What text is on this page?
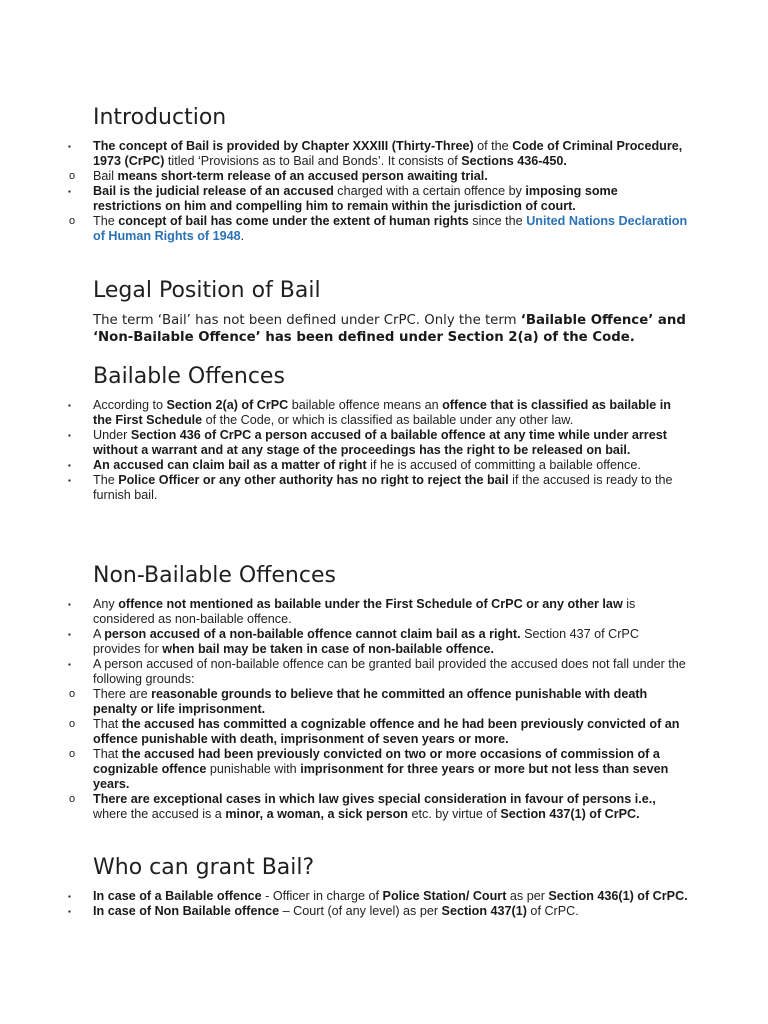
Introduction
▪	The concept of Bail is provided by Chapter XXXIII (Thirty-Three) of the Code of Criminal Procedure, 1973 (CrPC) titled ‘Provisions as to Bail and Bonds’. It consists of Sections 436-450.
o	Bail means short-term release of an accused person awaiting trial.
▪	Bail is the judicial release of an accused charged with a certain offence by imposing some restrictions on him and compelling him to remain within the jurisdiction of court.
o	The concept of bail has come under the extent of human rights since the United Nations Declaration of Human Rights of 1948.
Legal Position of Bail

The term ‘Bail’ has not been defined under CrPC. Only the term ‘Bailable Offence’ and ‘Non-Bailable Offence’ has been defined under Section 2(a) of the Code.

Bailable Offences
▪	According to Section 2(a) of CrPC bailable offence means an offence that is classified as bailable in the First Schedule of the Code, or which is classified as bailable under any other law.
▪	Under Section 436 of CrPC a person accused of a bailable offence at any time while under arrest without a warrant and at any stage of the proceedings has the right to be released on bail.
▪	An accused can claim bail as a matter of right if he is accused of committing a bailable offence.
▪	The Police Officer or any other authority has no right to reject the bail if the accused is ready to the furnish bail.
Non-Bailable Offences
▪	Any offence not mentioned as bailable under the First Schedule of CrPC or any other law is considered as non-bailable offence.
▪	A person accused of a non-bailable offence cannot claim bail as a right. Section 437 of CrPC provides for when bail may be taken in case of non-bailable offence.
▪	A person accused of non-bailable offence can be granted bail provided the accused does not fall under the following grounds:
o	There are reasonable grounds to believe that he committed an offence punishable with death penalty or life imprisonment.
o	That the accused has committed a cognizable offence and he had been previously convicted of an offence punishable with death, imprisonment of seven years or more.
o	That the accused had been previously convicted on two or more occasions of commission of a cognizable offence punishable with imprisonment for three years or more but not less than seven years.
o	There are exceptional cases in which law gives special consideration in favour of persons i.e., where the accused is a minor, a woman, a sick person etc. by virtue of Section 437(1) of CrPC.
Who can grant Bail?
▪	In case of a Bailable offence - Officer in charge of Police Station/ Court as per Section 436(1) of CrPC.
▪	In case of Non Bailable offence – Court (of any level) as per Section 437(1) of CrPC.
